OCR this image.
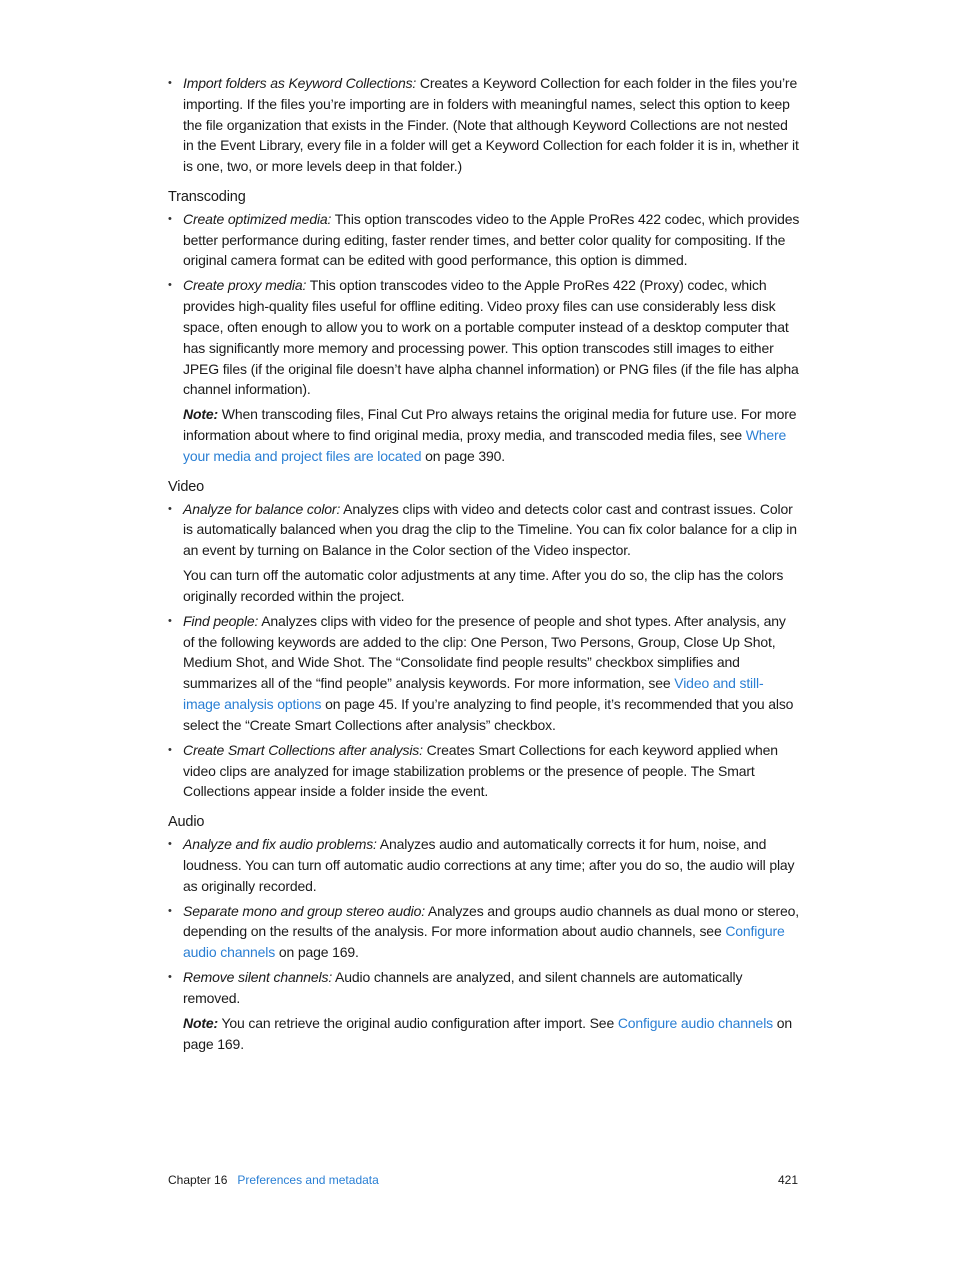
• Import folders as Keyword Collections: Creates a Keyword Collection for each folder in the files you’re importing. If the files you’re importing are in folders with meaningful names, select this option to keep the file organization that exists in the Finder. (Note that although Keyword Collections are not nested in the Event Library, every file in a folder will get a Keyword Collection for each folder it is in, whether it is one, two, or more levels deep in that folder.)
Transcoding
• Create optimized media: This option transcodes video to the Apple ProRes 422 codec, which provides better performance during editing, faster render times, and better color quality for compositing. If the original camera format can be edited with good performance, this option is dimmed.
• Create proxy media: This option transcodes video to the Apple ProRes 422 (Proxy) codec, which provides high-quality files useful for offline editing. Video proxy files can use considerably less disk space, often enough to allow you to work on a portable computer instead of a desktop computer that has significantly more memory and processing power. This option transcodes still images to either JPEG files (if the original file doesn’t have alpha channel information) or PNG files (if the file has alpha channel information).
Note: When transcoding files, Final Cut Pro always retains the original media for future use. For more information about where to find original media, proxy media, and transcoded media files, see Where your media and project files are located on page 390.
Video
• Analyze for balance color: Analyzes clips with video and detects color cast and contrast issues. Color is automatically balanced when you drag the clip to the Timeline. You can fix color balance for a clip in an event by turning on Balance in the Color section of the Video inspector.
You can turn off the automatic color adjustments at any time. After you do so, the clip has the colors originally recorded within the project.
• Find people: Analyzes clips with video for the presence of people and shot types. After analysis, any of the following keywords are added to the clip: One Person, Two Persons, Group, Close Up Shot, Medium Shot, and Wide Shot. The “Consolidate find people results” checkbox simplifies and summarizes all of the “find people” analysis keywords. For more information, see Video and still-image analysis options on page 45. If you’re analyzing to find people, it’s recommended that you also select the “Create Smart Collections after analysis” checkbox.
• Create Smart Collections after analysis: Creates Smart Collections for each keyword applied when video clips are analyzed for image stabilization problems or the presence of people. The Smart Collections appear inside a folder inside the event.
Audio
• Analyze and fix audio problems: Analyzes audio and automatically corrects it for hum, noise, and loudness. You can turn off automatic audio corrections at any time; after you do so, the audio will play as originally recorded.
• Separate mono and group stereo audio: Analyzes and groups audio channels as dual mono or stereo, depending on the results of the analysis. For more information about audio channels, see Configure audio channels on page 169.
• Remove silent channels: Audio channels are analyzed, and silent channels are automatically removed.
Note: You can retrieve the original audio configuration after import. See Configure audio channels on page 169.
Chapter 16 Preferences and metadata	421
